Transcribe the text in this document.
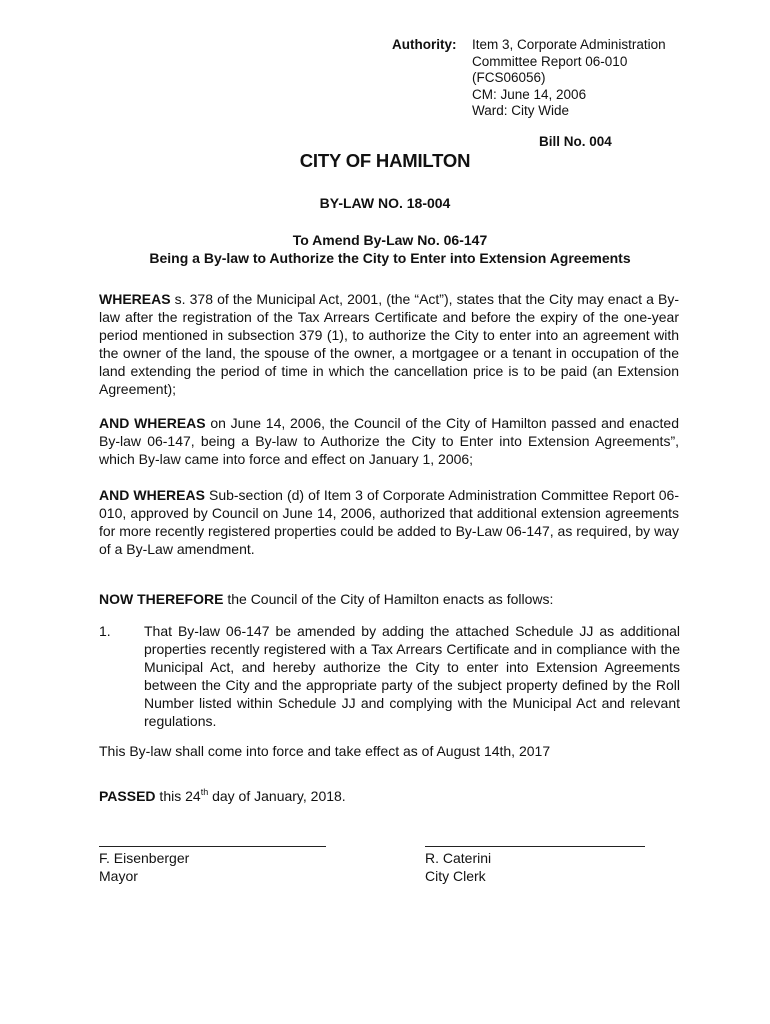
Authority:	Item 3, Corporate Administration
Committee Report 06-010
(FCS06056)
CM: June 14, 2006
Ward: City Wide
Bill No. 004
CITY OF HAMILTON
BY-LAW NO. 18-004
To Amend By-Law No. 06-147
Being a By-law to Authorize the City to Enter into Extension Agreements
WHEREAS s. 378 of the Municipal Act, 2001, (the “Act”), states that the City may enact a By-law after the registration of the Tax Arrears Certificate and before the expiry of the one-year period mentioned in subsection 379 (1), to authorize the City to enter into an agreement with the owner of the land, the spouse of the owner, a mortgagee or a tenant in occupation of the land extending the period of time in which the cancellation price is to be paid (an Extension Agreement);
AND WHEREAS on June 14, 2006, the Council of the City of Hamilton passed and enacted By-law 06-147, being a By-law to Authorize the City to Enter into Extension Agreements”, which By-law came into force and effect on January 1, 2006;
AND WHEREAS Sub-section (d) of Item 3 of Corporate Administration Committee Report 06-010, approved by Council on June 14, 2006, authorized that additional extension agreements for more recently registered properties could be added to By-Law 06-147, as required, by way of a By-Law amendment.
NOW THEREFORE the Council of the City of Hamilton enacts as follows:
1. That By-law 06-147 be amended by adding the attached Schedule JJ as additional properties recently registered with a Tax Arrears Certificate and in compliance with the Municipal Act, and hereby authorize the City to enter into Extension Agreements between the City and the appropriate party of the subject property defined by the Roll Number listed within Schedule JJ and complying with the Municipal Act and relevant regulations.
This By-law shall come into force and take effect as of August 14th, 2017
PASSED this 24th day of January, 2018.
F. Eisenberger
Mayor
R. Caterini
City Clerk
